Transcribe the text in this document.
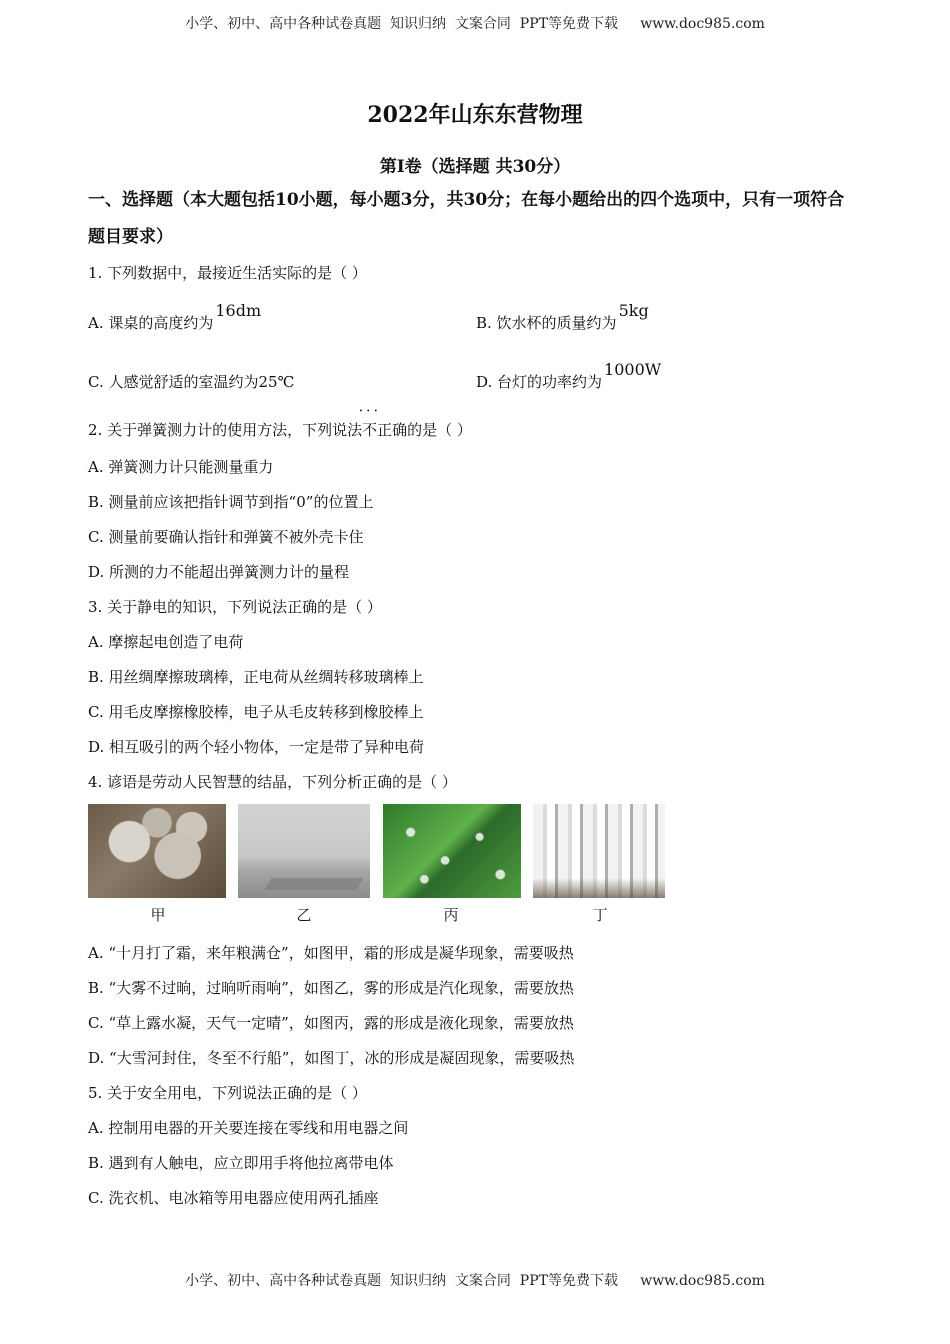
小学、初中、高中各种试卷真题  知识归纳  文案合同  PPT等免费下载     www.doc985.com
2022年山东东营物理
第Ⅰ卷（选择题 共30分）
一、选择题（本大题包括10小题，每小题3分，共30分；在每小题给出的四个选项中，只有一项符合题目要求）
1. 下列数据中，最接近生活实际的是（ ）
A. 课桌的高度约为16dm
B. 饮水杯的质量约为5kg
C. 人感觉舒适的室温约为25℃	D. 台灯的功率约为1000W
2. 关于弹簧测力计的使用方法，下列说法• • • 不正确的是（ ）
A. 弹簧测力计只能测量重力
B. 测量前应该把指针调节到指“0”的位置上
C. 测量前要确认指针和弹簧不被外壳卡住
D. 所测的力不能超出弹簧测力计的量程
3. 关于静电的知识，下列说法正确的是（ ）
A. 摩擦起电创造了电荷
B. 用丝绸摩擦玻璃棒，正电荷从丝绸转移玻璃棒上
C. 用毛皮摩擦橡胶棒，电子从毛皮转移到橡胶棒上
D. 相互吸引的两个轻小物体，一定是带了异种电荷
4. 谚语是劳动人民智慧的结晶，下列分析正确的是（ ）
甲	乙	丙	丁
A. “十月打了霜，来年粮满仓”，如图甲，霜的形成是凝华现象，需要吸热
B. “大雾不过晌，过晌听雨响”，如图乙，雾的形成是汽化现象，需要放热
C. “草上露水凝，天气一定晴”，如图丙，露的形成是液化现象，需要放热
D. “大雪河封住，冬至不行船”，如图丁，冰的形成是凝固现象，需要吸热
5. 关于安全用电，下列说法正确的是（ ）
A. 控制用电器的开关要连接在零线和用电器之间
B. 遇到有人触电，应立即用手将他拉离带电体
C. 洗衣机、电冰箱等用电器应使用两孔插座
小学、初中、高中各种试卷真题  知识归纳  文案合同  PPT等免费下载     www.doc985.com
